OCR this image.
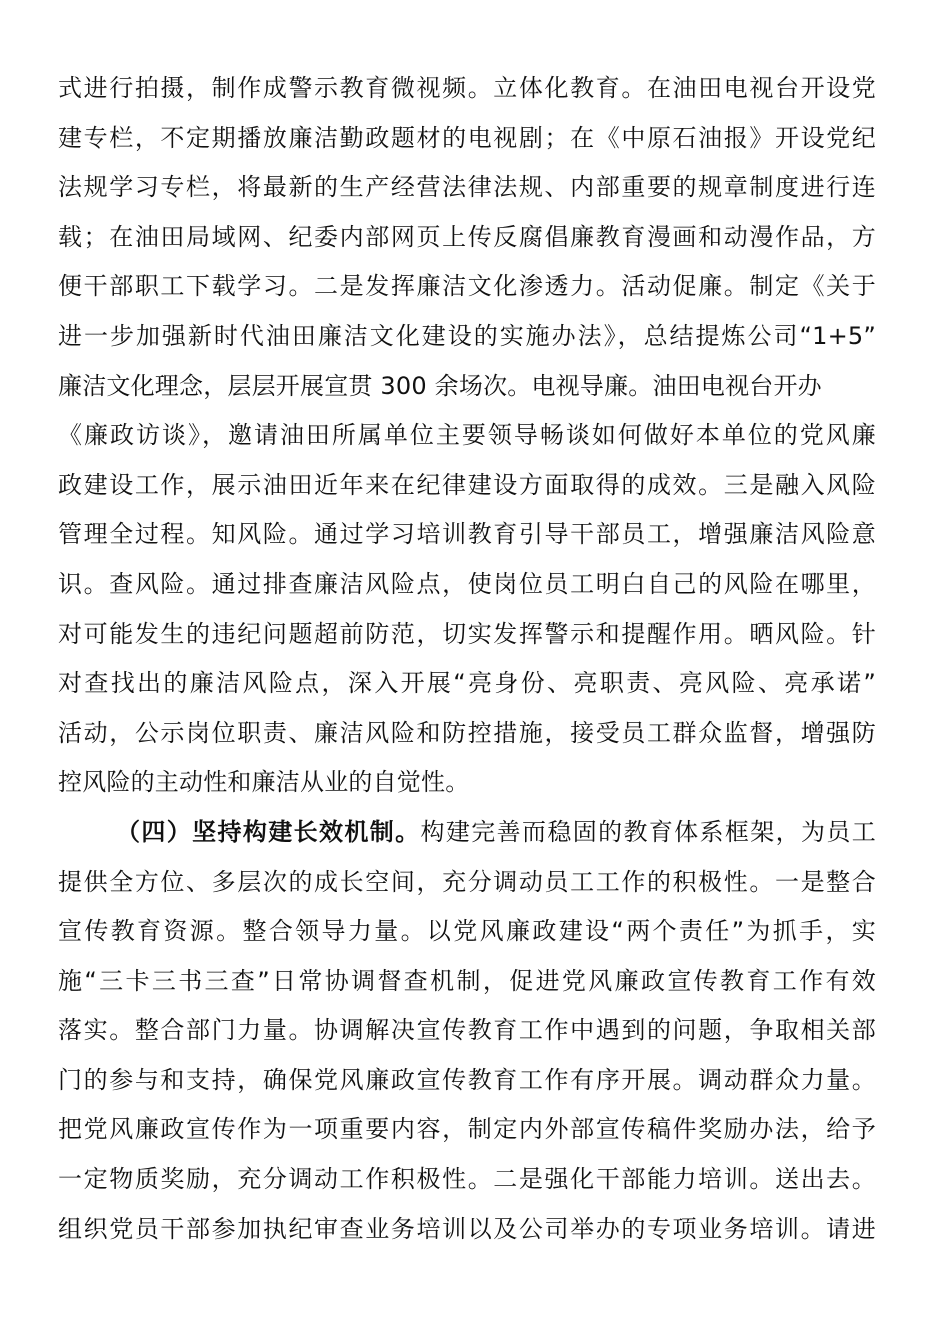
式进行拍摄，制作成警示教育微视频。立体化教育。在油田电视台开设党
建专栏，不定期播放廉洁勤政题材的电视剧；在《中原石油报》开设党纪
法规学习专栏，将最新的生产经营法律法规、内部重要的规章制度进行连
载；在油田局域网、纪委内部网页上传反腐倡廉教育漫画和动漫作品，方
便干部职工下载学习。二是发挥廉洁文化渗透力。活动促廉。制定《关于
进一步加强新时代油田廉洁文化建设的实施办法》，总结提炼公司“1+5”
廉洁文化理念，层层开展宣贯 300 余场次。电视导廉。油田电视台开办
《廉政访谈》，邀请油田所属单位主要领导畅谈如何做好本单位的党风廉
政建设工作，展示油田近年来在纪律建设方面取得的成效。三是融入风险
管理全过程。知风险。通过学习培训教育引导干部员工，增强廉洁风险意
识。查风险。通过排查廉洁风险点，使岗位员工明白自己的风险在哪里，
对可能发生的违纪问题超前防范，切实发挥警示和提醒作用。晒风险。针
对查找出的廉洁风险点，深入开展“亮身份、亮职责、亮风险、亮承诺”
活动，公示岗位职责、廉洁风险和防控措施，接受员工群众监督，增强防
控风险的主动性和廉洁从业的自觉性。
（四）坚持构建长效机制。构建完善而稳固的教育体系框架，为员工
提供全方位、多层次的成长空间，充分调动员工工作的积极性。一是整合
宣传教育资源。整合领导力量。以党风廉政建设“两个责任”为抓手，实
施“三卡三书三查”日常协调督查机制，促进党风廉政宣传教育工作有效
落实。整合部门力量。协调解决宣传教育工作中遇到的问题，争取相关部
门的参与和支持，确保党风廉政宣传教育工作有序开展。调动群众力量。
把党风廉政宣传作为一项重要内容，制定内外部宣传稿件奖励办法，给予
一定物质奖励，充分调动工作积极性。二是强化干部能力培训。送出去。
组织党员干部参加执纪审查业务培训以及公司举办的专项业务培训。请进
